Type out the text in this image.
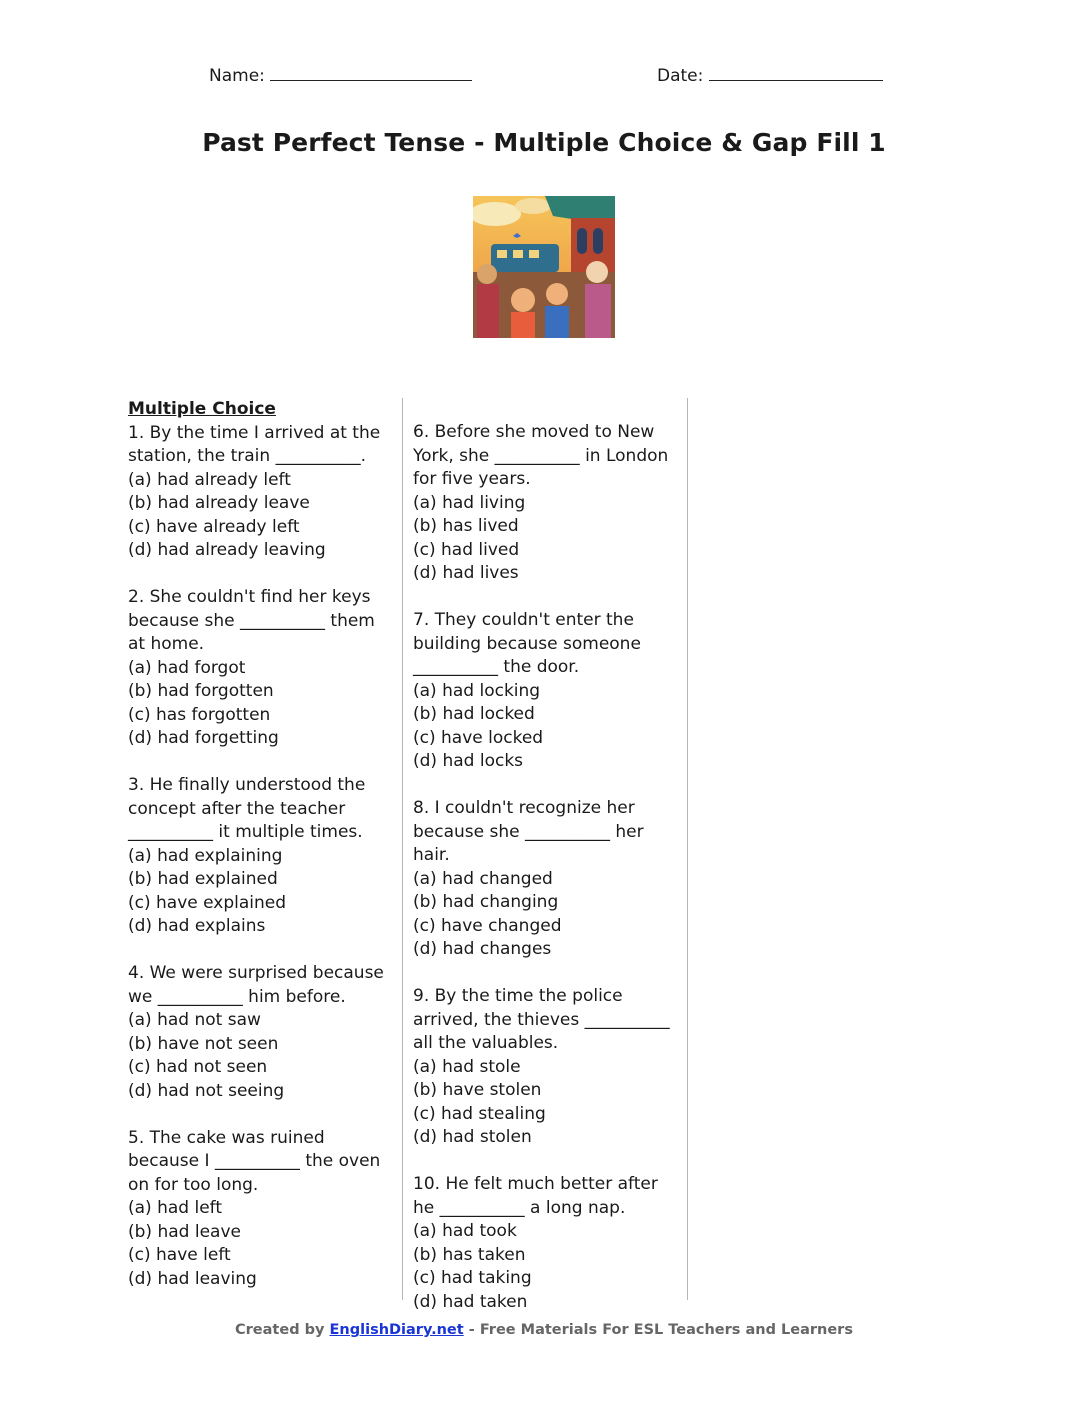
Name:	Date:
Past Perfect Tense - Multiple Choice & Gap Fill 1
Multiple Choice
1. By the time I arrived at the station, the train __________.
(a) had already left
(b) had already leave
(c) have already left
(d) had already leaving
2. She couldn't find her keys because she __________ them at home.
(a) had forgot
(b) had forgotten
(c) has forgotten
(d) had forgetting
3. He finally understood the concept after the teacher __________ it multiple times.
(a) had explaining
(b) had explained
(c) have explained
(d) had explains
4. We were surprised because we __________ him before.
(a) had not saw
(b) have not seen
(c) had not seen
(d) had not seeing
5. The cake was ruined because I __________ the oven on for too long.
(a) had left
(b) had leave
(c) have left
(d) had leaving
6. Before she moved to New York, she __________ in London for five years.
(a) had living
(b) has lived
(c) had lived
(d) had lives
7. They couldn't enter the building because someone __________ the door.
(a) had locking
(b) had locked
(c) have locked
(d) had locks
8. I couldn't recognize her because she __________ her hair.
(a) had changed
(b) had changing
(c) have changed
(d) had changes
9. By the time the police arrived, the thieves __________ all the valuables.
(a) had stole
(b) have stolen
(c) had stealing
(d) had stolen
10. He felt much better after he __________ a long nap.
(a) had took
(b) has taken
(c) had taking
(d) had taken
Created by EnglishDiary.net - Free Materials For ESL Teachers and Learners
